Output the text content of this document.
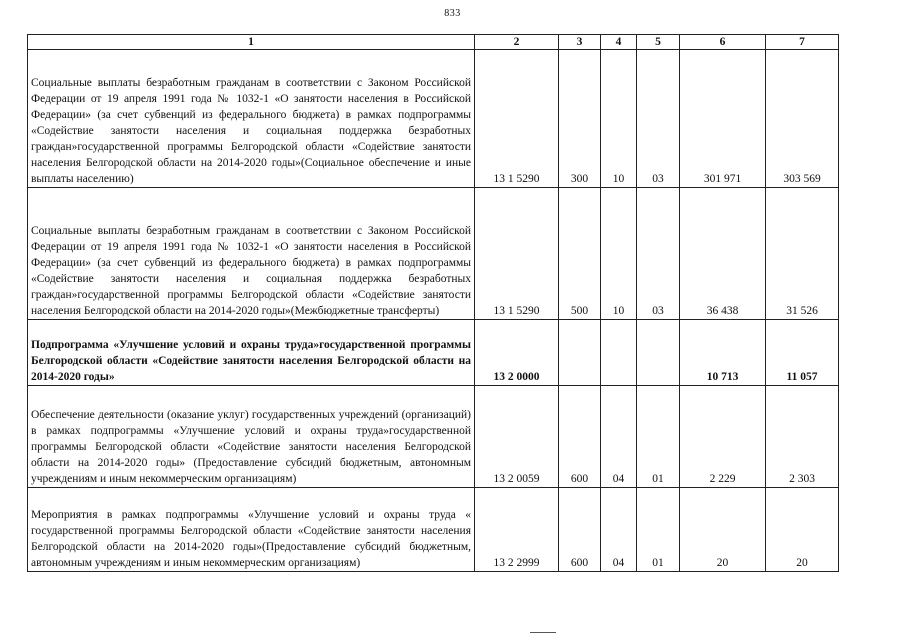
833
1	2	3	4	5	6	7
Социальные выплаты безработным гражданам в соответствии с Законом Российской Федерации от 19 апреля 1991 года № 1032-1 «О занятости населения в Российской Федерации» (за счет субвенций из федерального бюджета) в рамках подпрограммы «Содействие занятости населения и социальная поддержка безработных граждан»государственной программы Белгородской области «Содействие занятости населения Белгородской области на 2014-2020 годы»(Социальное обеспечение и иные выплаты населению)	13 1 5290	300	10	03	301 971	303 569
Социальные выплаты безработным гражданам в соответствии с Законом Российской Федерации от 19 апреля 1991 года № 1032-1 «О занятости населения в Российской Федерации» (за счет субвенций из федерального бюджета) в рамках подпрограммы «Содействие занятости населения и социальная поддержка безработных граждан»государственной программы Белгородской области «Содействие занятости населения Белгородской области на 2014-2020 годы»(Межбюджетные трансферты)	13 1 5290	500	10	03	36 438	31 526
Подпрограмма «Улучшение условий и охраны труда»государственной программы Белгородской области «Содействие занятости населения Белгородской области на 2014-2020 годы»	13 2 0000				10 713	11 057
Обеспечение деятельности (оказание уклуг) государственных учреждений (организаций) в рамках подпрограммы «Улучшение условий и охраны труда»государственной программы Белгородской области «Содействие занятости населения Белгородской области на 2014-2020 годы» (Предоставление субсидий бюджетным, автономным учреждениям и иным некоммерческим организациям)	13 2 0059	600	04	01	2 229	2 303
Мероприятия в рамках подпрограммы «Улучшение условий и охраны труда « государственной программы Белгородской области «Содействие занятости населения Белгородской области на 2014-2020 годы»(Предоставление субсидий бюджетным, автономным учреждениям и иным некоммерческим организациям)	13 2 2999	600	04	01	20	20
